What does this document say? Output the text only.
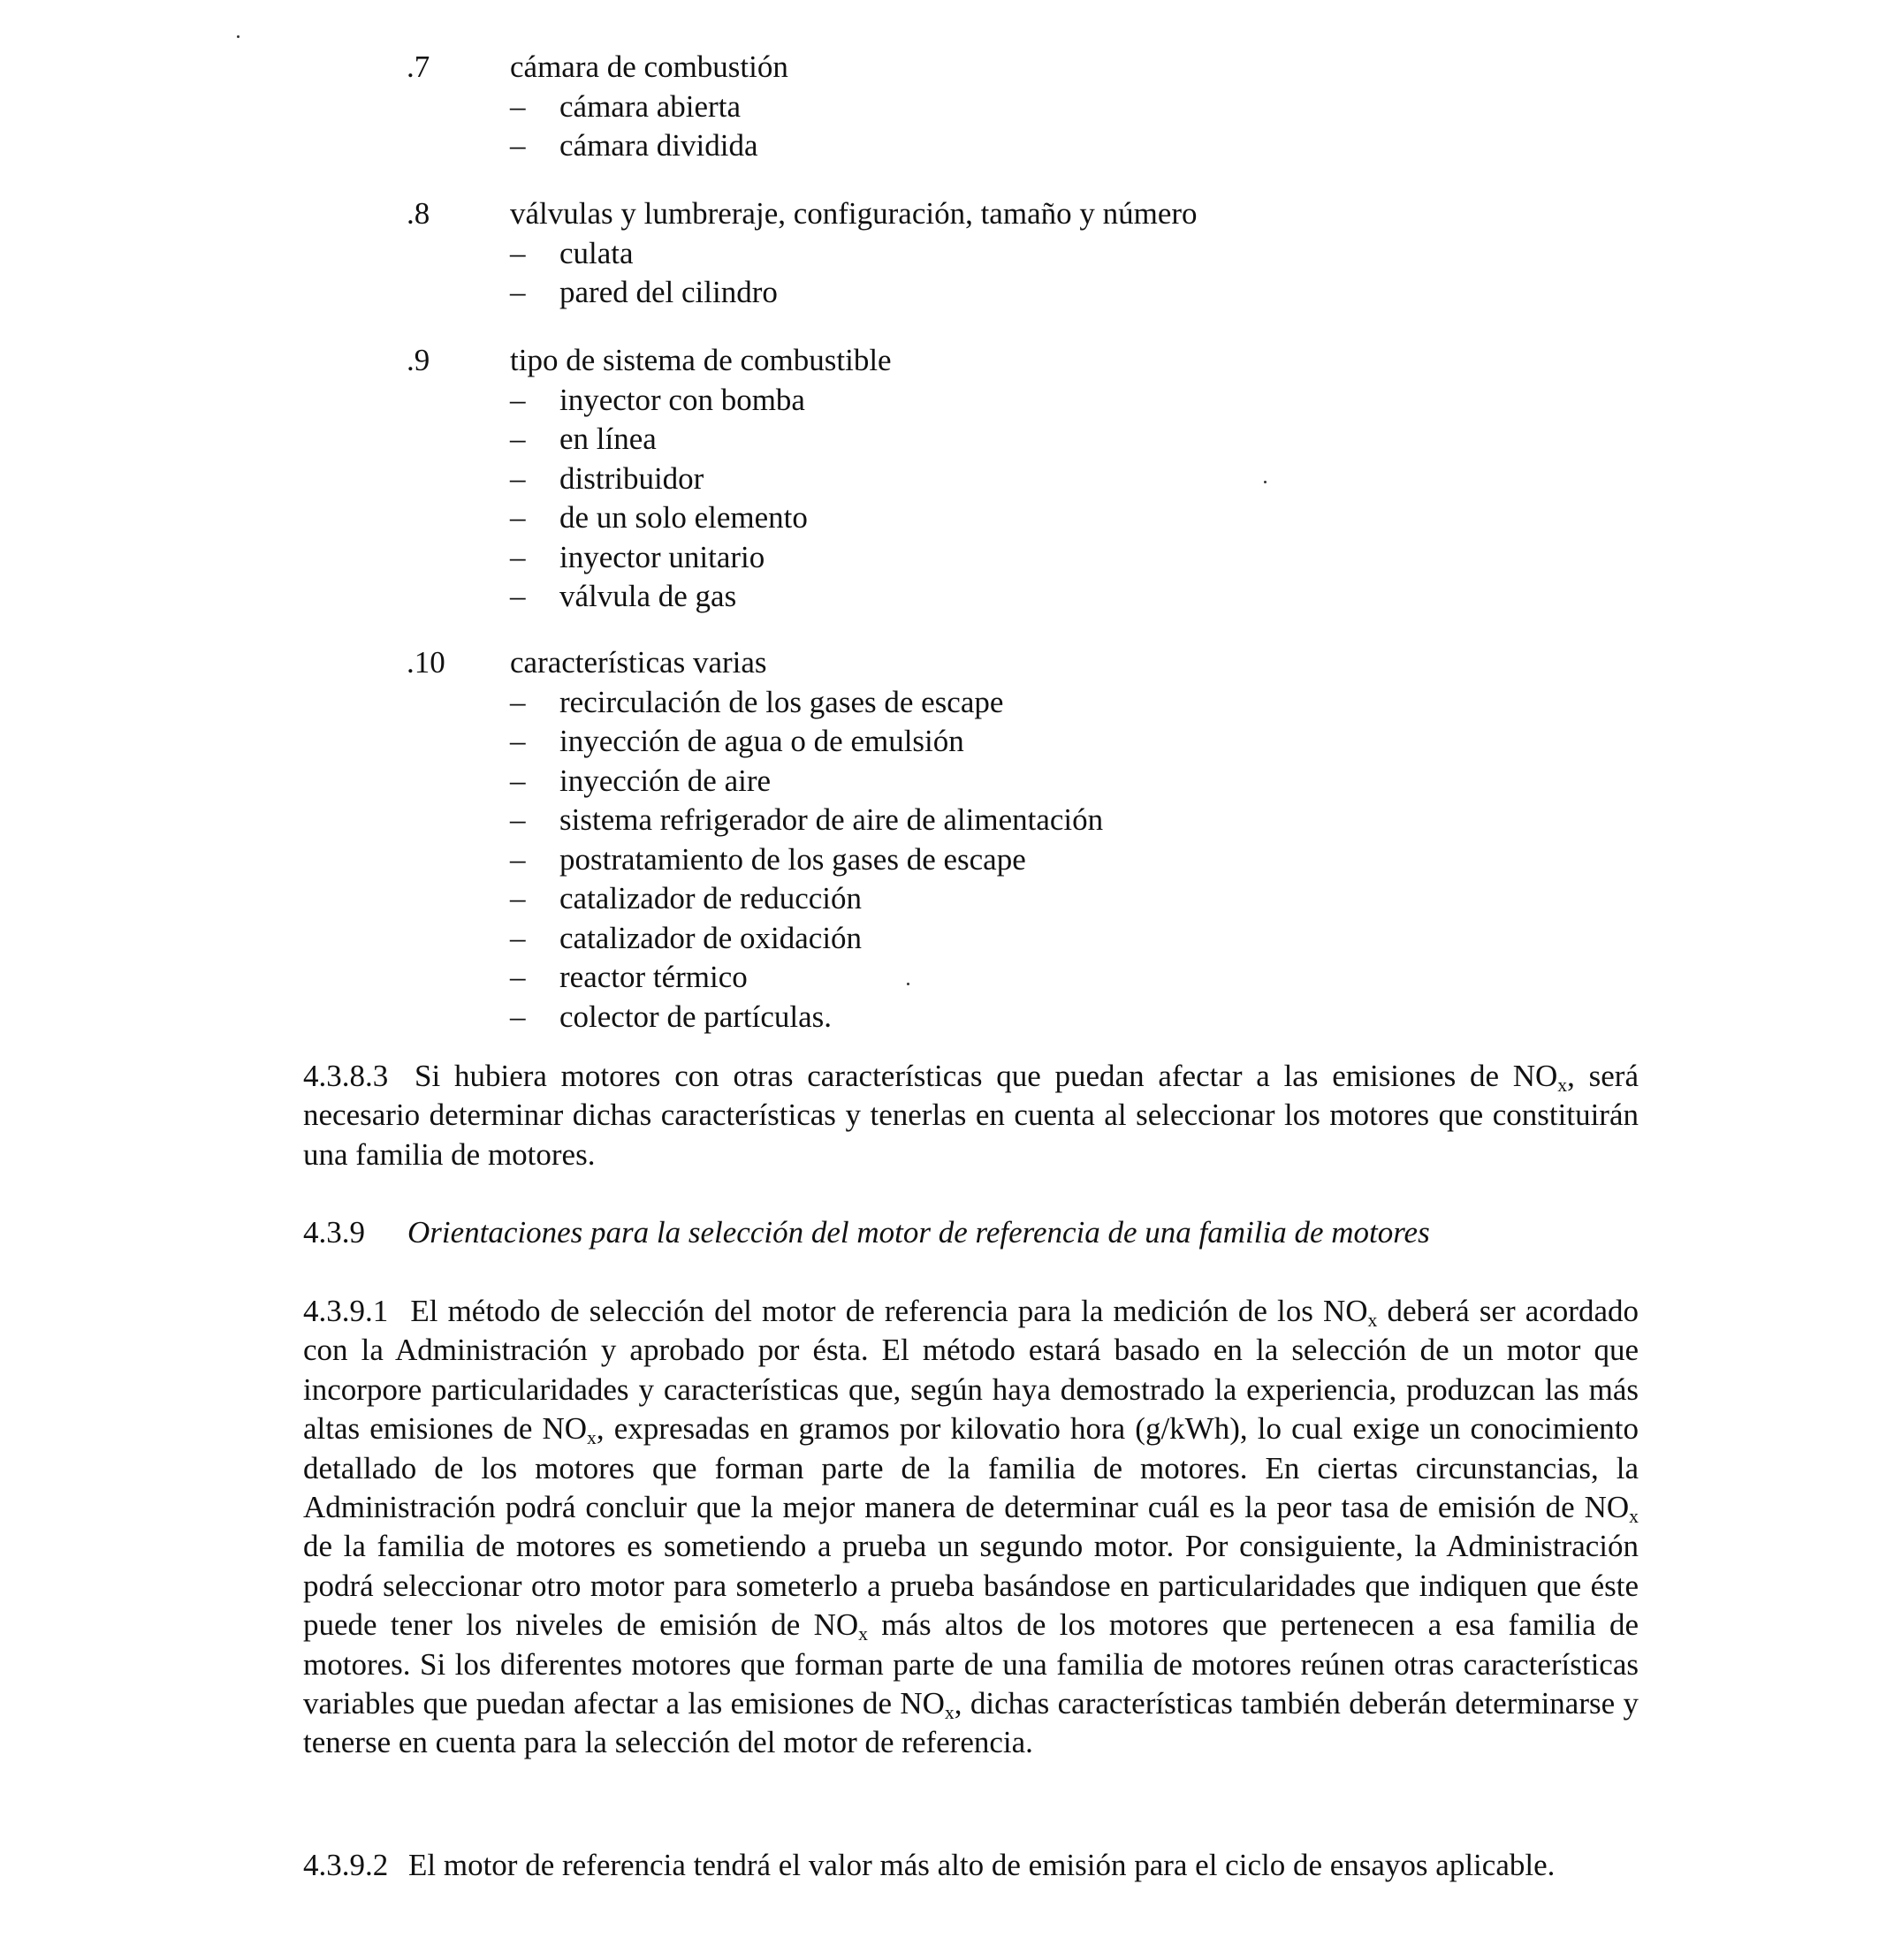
.7	cámara de combustión
– cámara abierta
– cámara dividida
.8	válvulas y lumbreraje, configuración, tamaño y número
– culata
– pared del cilindro
.9	tipo de sistema de combustible
– inyector con bomba
– en línea
– distribuidor
– de un solo elemento
– inyector unitario
– válvula de gas
.10	características varias
– recirculación de los gases de escape
– inyección de agua o de emulsión
– inyección de aire
– sistema refrigerador de aire de alimentación
– postratamiento de los gases de escape
– catalizador de reducción
– catalizador de oxidación
– reactor térmico
– colector de partículas.

4.3.8.3 Si hubiera motores con otras características que puedan afectar a las emisiones de $NO_x$, será necesario determinar dichas características y tenerlas en cuenta al seleccionar los motores que constituirán una familia de motores.

4.3.9 Orientaciones para la selección del motor de referencia de una familia de motores

4.3.9.1 El método de selección del motor de referencia para la medición de los $NO_x$ deberá ser acordado con la Administración y aprobado por ésta. El método estará basado en la selección de un motor que incorpore particularidades y características que, según haya demostrado la experiencia, produzcan las más altas emisiones de $NO_x$, expresadas en gramos por kilovatio hora (g/kWh), lo cual exige un conocimiento detallado de los motores que forman parte de la familia de motores. En ciertas circunstancias, la Administración podrá concluir que la mejor manera de determinar cuál es la peor tasa de emisión de $NO_x$ de la familia de motores es sometiendo a prueba un segundo motor. Por consiguiente, la Administración podrá seleccionar otro motor para someterlo a prueba basándose en particularidades que indiquen que éste puede tener los niveles de emisión de $NO_x$ más altos de los motores que pertenecen a esa familia de motores. Si los diferentes motores que forman parte de una familia de motores reúnen otras características variables que puedan afectar a las emisiones de $NO_x$, dichas características también deberán determinarse y tenerse en cuenta para la selección del motor de referencia.

4.3.9.2 El motor de referencia tendrá el valor más alto de emisión para el ciclo de ensayos aplicable.
